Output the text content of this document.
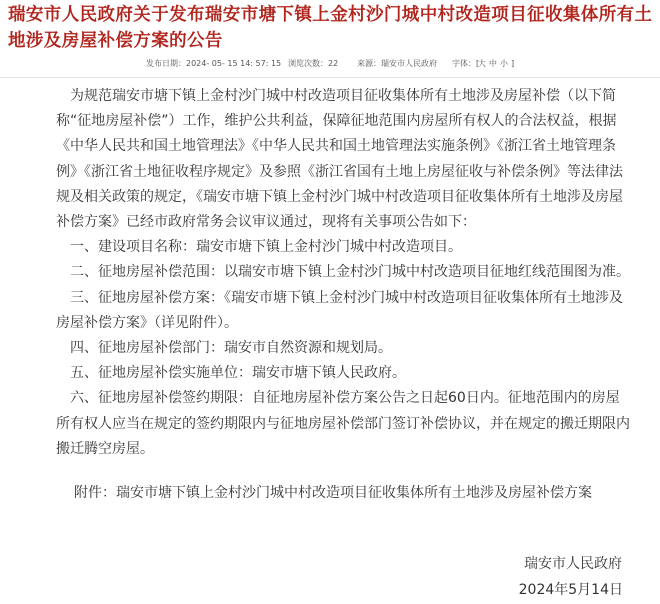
瑞安市人民政府关于发布瑞安市塘下镇上金村沙门城中村改造项目征收集体所有土地涉及房屋补偿方案的公告
发布日期：2024- 05- 15 14: 57: 15 浏览次数：22 来源：瑞安市人民政府 字体：[
大 中 小 ]

为规范瑞安市塘下镇上金村沙门城中村改造项目征收集体所有土地涉及房屋补偿（以下简称“征地房屋补偿”）工作，维护公共利益，保障征地范围内房屋所有权人的合法权益，根据《中华人民共和国土地管理法》《中华人民共和国土地管理法实施条例》《浙江省土地管理条例》《浙江省土地征收程序规定》及参照《浙江省国有土地上房屋征收与补偿条例》等法律法规及相关政策的规定，《瑞安市塘下镇上金村沙门城中村改造项目征收集体所有土地涉及房屋补偿方案》已经市政府常务会议审议通过，现将有关事项公告如下：

一、建设项目名称：瑞安市塘下镇上金村沙门城中村改造项目。

二、征地房屋补偿范围：以瑞安市塘下镇上金村沙门城中村改造项目征地红线范围图为准。

三、征地房屋补偿方案：《瑞安市塘下镇上金村沙门城中村改造项目征收集体所有土地涉及房屋补偿方案》（详见附件）。

四、征地房屋补偿部门：瑞安市自然资源和规划局。

五、征地房屋补偿实施单位：瑞安市塘下镇人民政府。

六、征地房屋补偿签约期限：自征地房屋补偿方案公告之日起60日内。征地范围内的房屋所有权人应当在规定的签约期限内与征地房屋补偿部门签订补偿协议，并在规定的搬迁期限内搬迁腾空房屋。

附件：瑞安市塘下镇上金村沙门城中村改造项目征收集体所有土地涉及房屋补偿方案
瑞安市人民政府
2024年5月14日
